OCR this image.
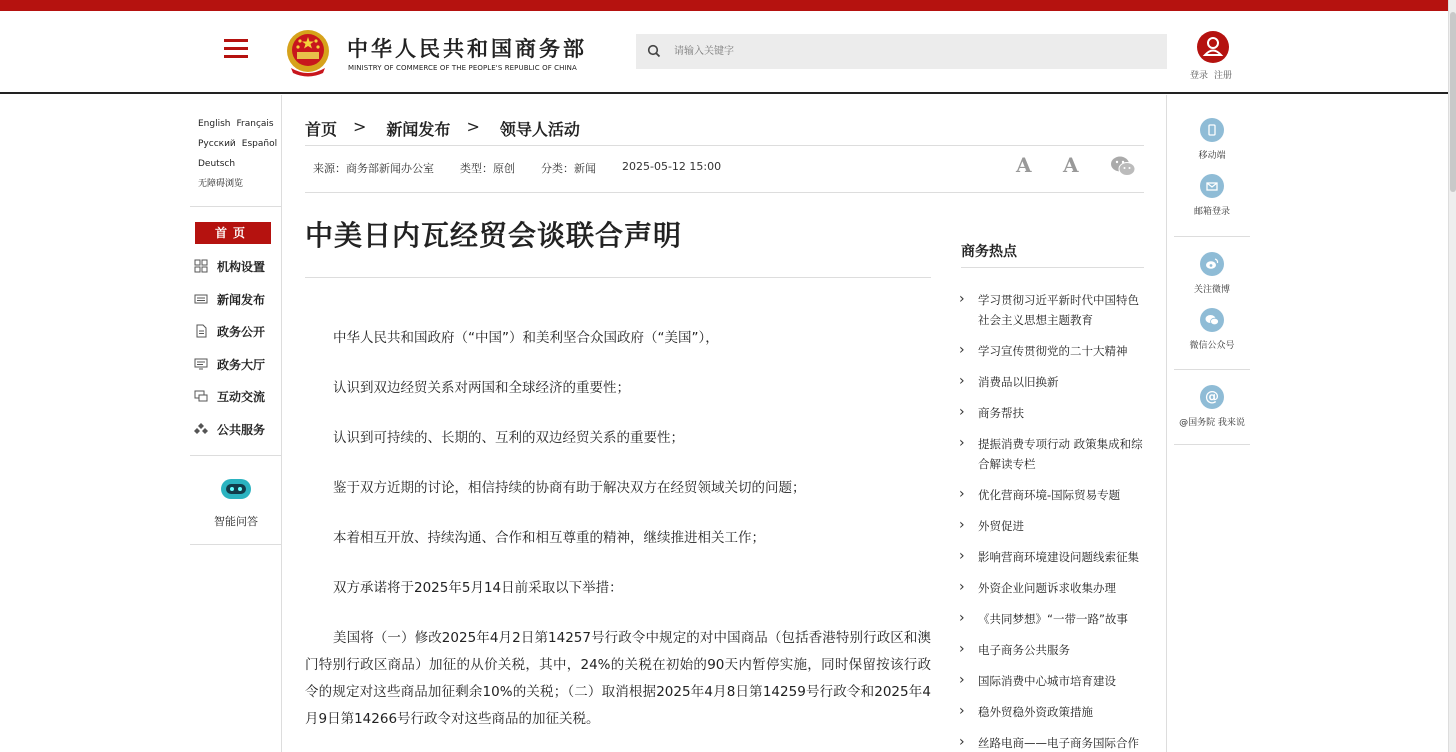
中华人民共和国商务部
MINISTRY OF COMMERCE OF THE PEOPLE'S REPUBLIC OF CHINA
请输入关键字
登录 注册
English Français
Русский Español
Deutsch
无障碍浏览
首页
机构设置
新闻发布
政务公开
政务大厅
互动交流
公共服务
智能问答
首页 > 新闻发布 > 领导人活动
来源：商务部新闻办公室 类型：原创 分类：新闻 2025-05-12 15:00	A A
中美日内瓦经贸会谈联合声明

中华人民共和国政府（“中国”）和美利坚合众国政府（“美国”），

认识到双边经贸关系对两国和全球经济的重要性；

认识到可持续的、长期的、互利的双边经贸关系的重要性；

鉴于双方近期的讨论，相信持续的协商有助于解决双方在经贸领域关切的问题；

本着相互开放、持续沟通、合作和相互尊重的精神，继续推进相关工作；

双方承诺将于2025年5月14日前采取以下举措：

美国将（一）修改2025年4月2日第14257号行政令中规定的对中国商品（包括香港特别行政区和澳门特别行政区商品）加征的从价关税，其中，24%的关税在初始的90天内暂停实施，同时保留按该行政令的规定对这些商品加征剩余10%的关税；（二）取消根据2025年4月8日第14259号行政令和2025年4月9日第14266号行政令对这些商品的加征关税。

商务热点
› 学习贯彻习近平新时代中国特色社会主义思想主题教育
› 学习宣传贯彻党的二十大精神
› 消费品以旧换新
› 商务帮扶
› 提振消费专项行动 政策集成和综合解读专栏
› 优化营商环境-国际贸易专题
› 外贸促进
› 影响营商环境建设问题线索征集
› 外资企业问题诉求收集办理
› 《共同梦想》“一带一路”故事
› 电子商务公共服务
› 国际消费中心城市培育建设
› 稳外贸稳外资政策措施
› 丝路电商——电子商务国际合作
移动端
邮箱登录
关注微博
微信公众号
@
@国务院 我来说
